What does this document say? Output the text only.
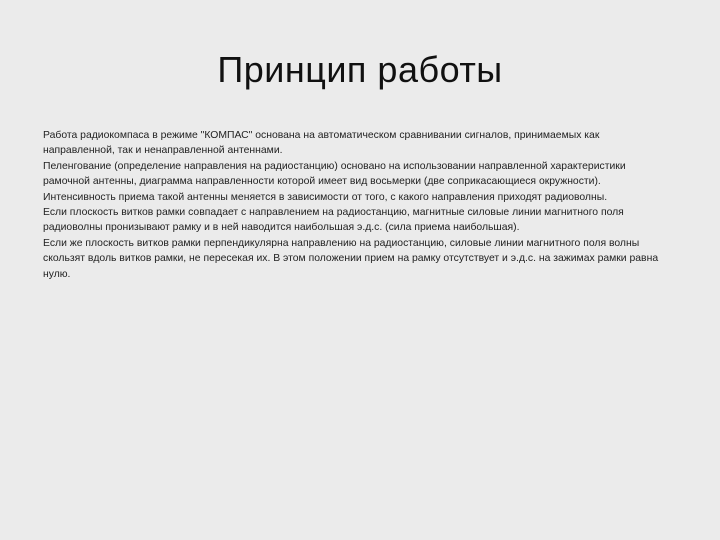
Принцип работы

Работа радиокомпаса в режиме "КОМПАС" основана на автоматическом сравнивании сигналов, принимаемых как направленной, так и ненаправленной антеннами.

Пеленгование (определение направления на радиостанцию) основано на использовании направленной характеристики рамочной антенны, диаграмма направленности которой имеет вид восьмерки (две соприкасающиеся окружности). Интенсивность приема такой антенны меняется в зависимости от того, с какого направления приходят радиоволны.

Если плоскость витков рамки совпадает с направлением на радиостанцию, магнитные силовые линии магнитного поля радиоволны пронизывают рамку и в ней наводится наибольшая э.д.с. (сила приема наибольшая).

Если же плоскость витков рамки перпендикулярна направлению на радиостанцию, силовые линии магнитного поля волны скользят вдоль витков рамки, не пересекая их. В этом положении прием на рамку отсутствует и э.д.с. на зажимах рамки равна нулю.
